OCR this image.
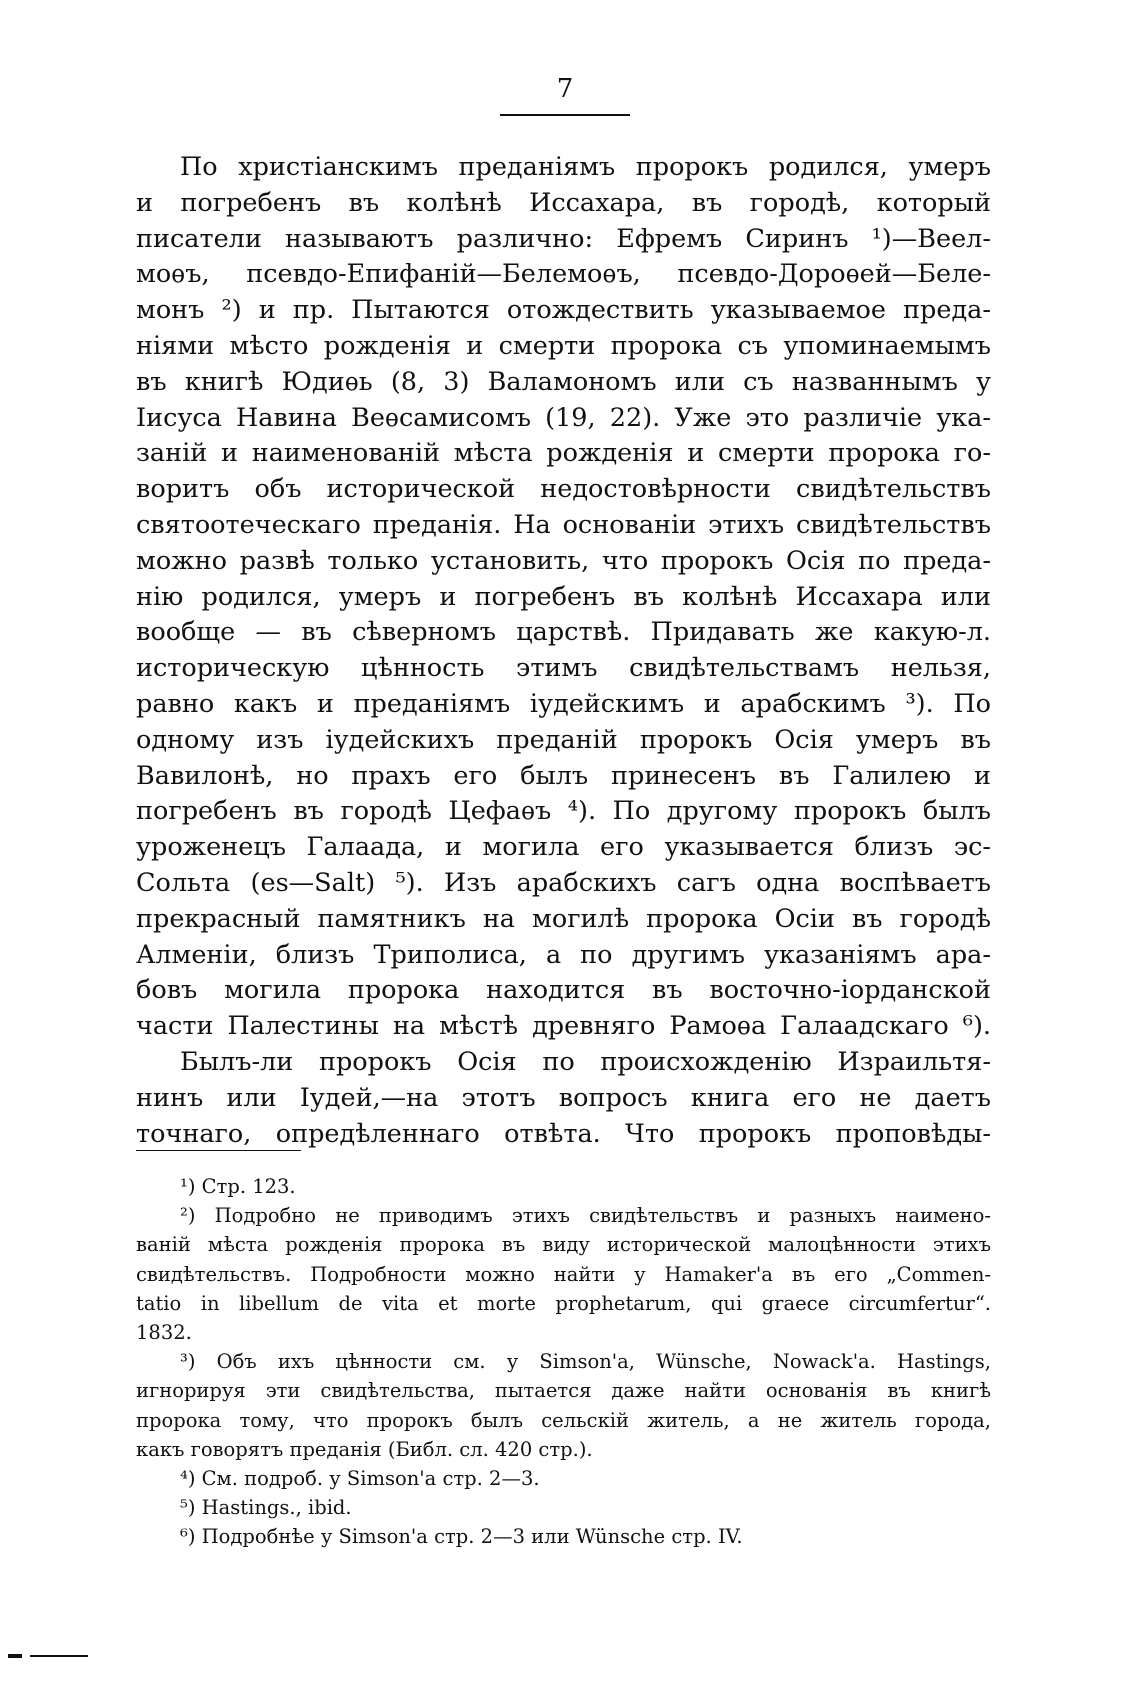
7
По христіанскимъ преданіямъ пророкъ родился, умеръ
и погребенъ въ колѣнѣ Иссахара, въ городѣ, который
писатели называютъ различно: Ефремъ Сиринъ ¹)—Веел-
моѳъ, псевдо-Епифаній—Белемоѳъ, псевдо-Дороѳей—Беле-
монъ ²) и пр. Пытаются отождествить указываемое преда-
ніями мѣсто рожденія и смерти пророка съ упоминаемымъ
въ книгѣ Юдиѳь (8, 3) Валамономъ или съ названнымъ у
Іисуса Навина Веѳсамисомъ (19, 22). Уже это различіе ука-
заній и наименованій мѣста рожденія и смерти пророка го-
воритъ объ исторической недостовѣрности свидѣтельствъ
святоотеческаго преданія. На основаніи этихъ свидѣтельствъ
можно развѣ только установить, что пророкъ Осія по преда-
нію родился, умеръ и погребенъ въ колѣнѣ Иссахара или
вообще — въ сѣверномъ царствѣ. Придавать же какую-л.
историческую цѣнность этимъ свидѣтельствамъ нельзя,
равно какъ и преданіямъ іудейскимъ и арабскимъ ³). По
одному изъ іудейскихъ преданій пророкъ Осія умеръ въ
Вавилонѣ, но прахъ его былъ принесенъ въ Галилею и
погребенъ въ городѣ Цефаѳъ ⁴). По другому пророкъ былъ
уроженецъ Галаада, и могила его указывается близъ эс-
Сольта (es—Salt) ⁵). Изъ арабскихъ сагъ одна воспѣваетъ
прекрасный памятникъ на могилѣ пророка Осіи въ городѣ
Алменіи, близъ Триполиса, а по другимъ указаніямъ ара-
бовъ могила пророка находится въ восточно-іорданской
части Палестины на мѣстѣ древняго Рамоѳа Галаадскаго ⁶).
Былъ-ли пророкъ Осія по происхожденію Израильтя-
нинъ или Іудей,—на этотъ вопросъ книга его не даетъ
точнаго, опредѣленнаго отвѣта. Что пророкъ проповѣды-
¹) Стр. 123.
²) Подробно не приводимъ этихъ свидѣтельствъ и разныхъ наимено-
ваній мѣста рожденія пророка въ виду исторической малоцѣнности этихъ
свидѣтельствъ. Подробности можно найти у Hamaker'а въ его „Commen-
tatio in libellum de vita et morte prophetarum, qui graece circumfertur“.
1832.
³) Объ ихъ цѣнности см. у Simson'а, Wünsche, Nowack'а. Hastings,
игнорируя эти свидѣтельства, пытается даже найти основанія въ книгѣ
пророка тому, что пророкъ былъ сельскій житель, а не житель города,
какъ говорятъ преданія (Библ. сл. 420 стр.).
⁴) См. подроб. у Simson'а стр. 2—3.
⁵) Hastings., ibid.
⁶) Подробнѣе у Simson'а стр. 2—3 или Wünsche стр. IV.
